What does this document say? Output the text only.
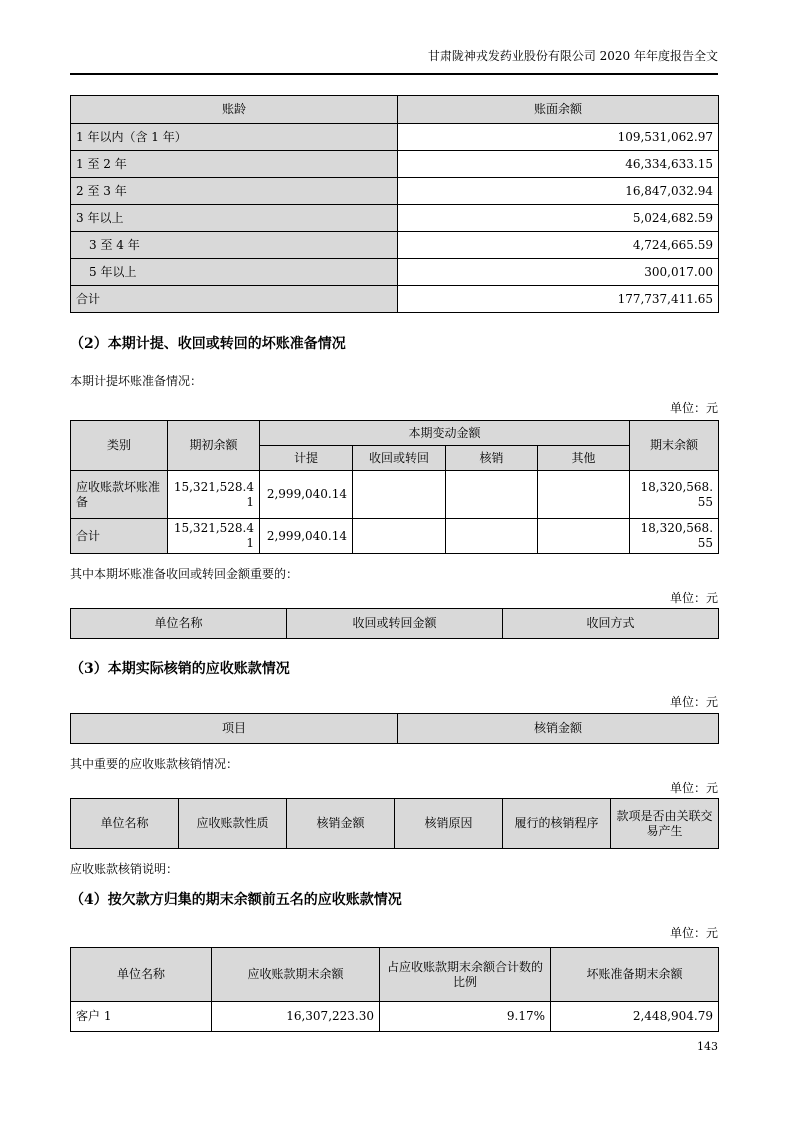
甘肃陇神戎发药业股份有限公司 2020 年年度报告全文
账龄	账面余额
1 年以内（含 1 年）	109,531,062.97
1 至 2 年	46,334,633.15
2 至 3 年	16,847,032.94
3 年以上	5,024,682.59
3 至 4 年	4,724,665.59
5 年以上	300,017.00
合计	177,737,411.65
（2）本期计提、收回或转回的坏账准备情况
本期计提坏账准备情况：
单位：元
类别	期初余额	本期变动金额				期末余额
		计提	收回或转回	核销	其他	
应收账款坏账准备	15,321,528.41	2,999,040.14				18,320,568.55
合计	15,321,528.41	2,999,040.14				18,320,568.55
其中本期坏账准备收回或转回金额重要的：
单位：元
单位名称	收回或转回金额	收回方式
（3）本期实际核销的应收账款情况
单位：元
项目	核销金额
其中重要的应收账款核销情况：
单位：元
单位名称	应收账款性质	核销金额	核销原因	履行的核销程序	款项是否由关联交易产生
应收账款核销说明：
（4）按欠款方归集的期末余额前五名的应收账款情况
单位：元
单位名称	应收账款期末余额	占应收账款期末余额合计数的比例	坏账准备期末余额
客户 1	16,307,223.30	9.17%	2,448,904.79
143
